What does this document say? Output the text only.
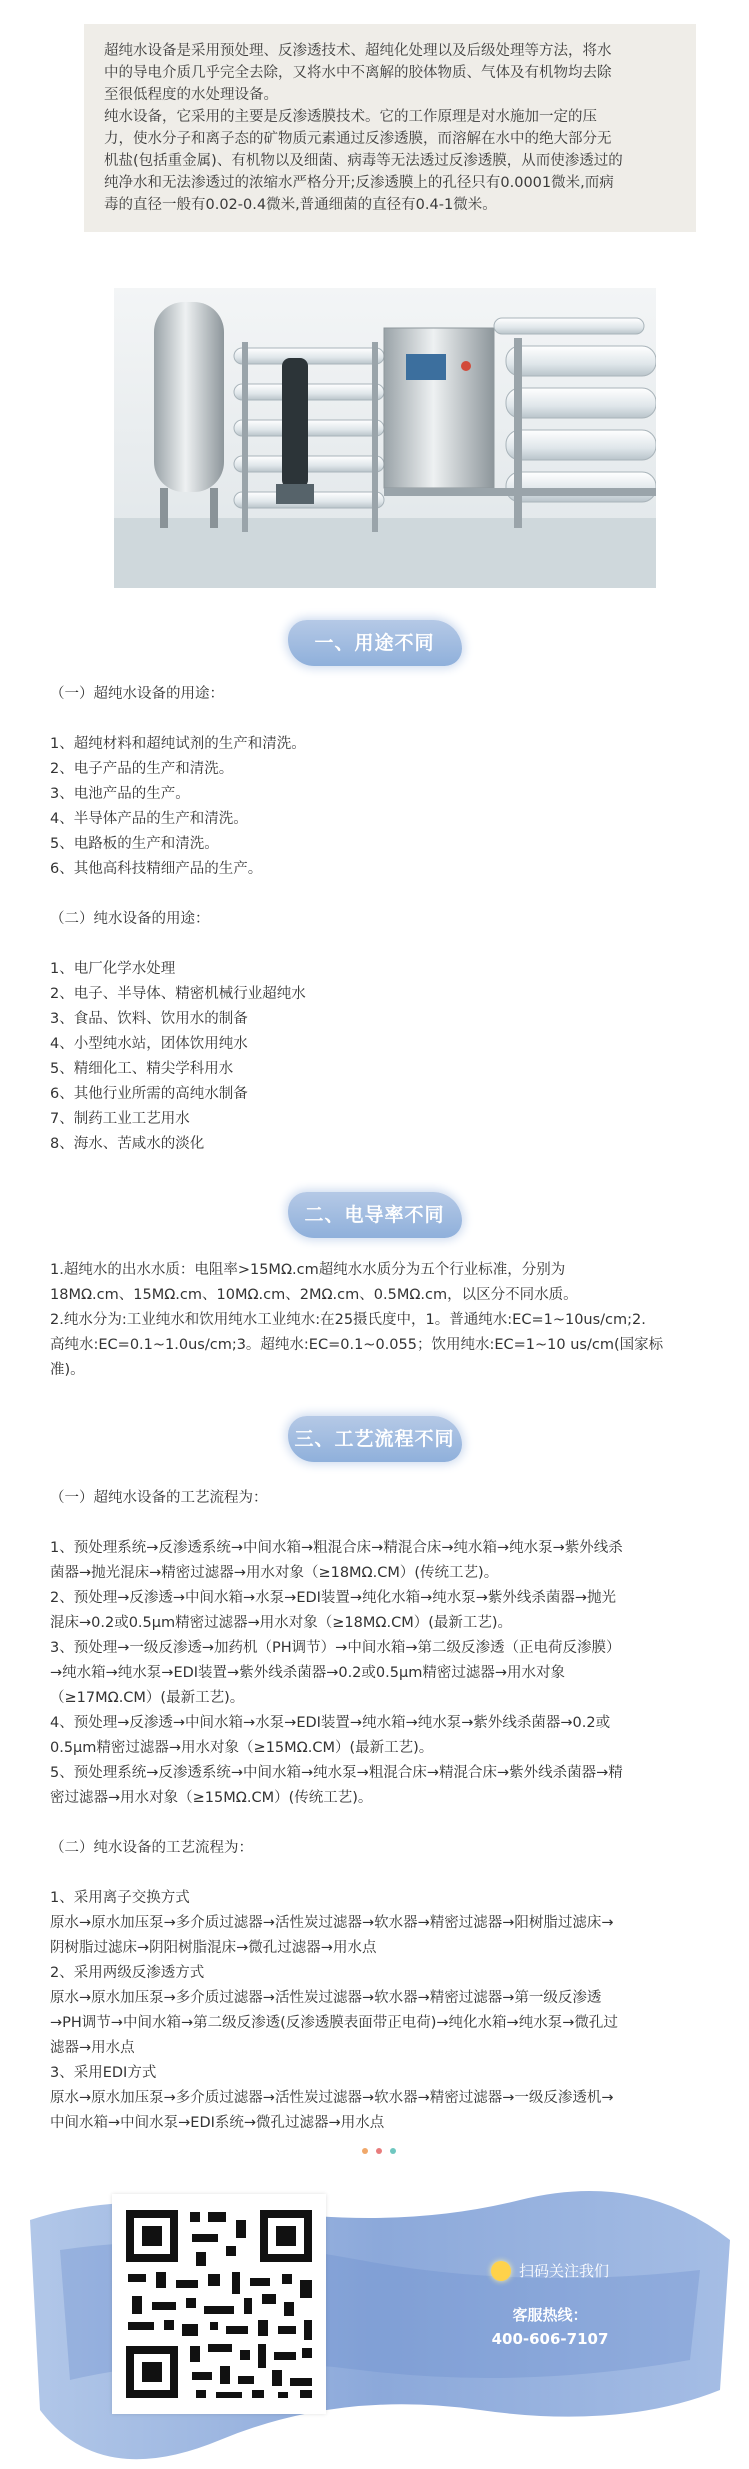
超纯水设备是采用预处理、反渗透技术、超纯化处理以及后级处理等方法，将水

中的导电介质几乎完全去除，又将水中不离解的胶体物质、气体及有机物均去除

至很低程度的水处理设备。

纯水设备，它采用的主要是反渗透膜技术。它的工作原理是对水施加一定的压

力，使水分子和离子态的矿物质元素通过反渗透膜，而溶解在水中的绝大部分无

机盐(包括重金属)、有机物以及细菌、病毒等无法透过反渗透膜，从而使渗透过的

纯净水和无法渗透过的浓缩水严格分开;反渗透膜上的孔径只有0.0001微米,而病

毒的直径一般有0.02-0.4微米,普通细菌的直径有0.4-1微米。

一、用途不同
（一）超纯水设备的用途：
1、超纯材料和超纯试剂的生产和清洗。
2、电子产品的生产和清洗。
3、电池产品的生产。
4、半导体产品的生产和清洗。
5、电路板的生产和清洗。
6、其他高科技精细产品的生产。
（二）纯水设备的用途：
1、电厂化学水处理
2、电子、半导体、精密机械行业超纯水
3、食品、饮料、饮用水的制备
4、小型纯水站，团体饮用纯水
5、精细化工、精尖学科用水
6、其他行业所需的高纯水制备
7、制药工业工艺用水
8、海水、苦咸水的淡化
二、电导率不同
1.超纯水的出水水质：电阻率>15MΩ.cm超纯水水质分为五个行业标准，分别为
18MΩ.cm、15MΩ.cm、10MΩ.cm、2MΩ.cm、0.5MΩ.cm，以区分不同水质。
2.纯水分为:工业纯水和饮用纯水工业纯水:在25摄氏度中，1。普通纯水:EC=1~10us/cm;2.
高纯水:EC=0.1~1.0us/cm;3。超纯水:EC=0.1~0.055；饮用纯水:EC=1~10 us/cm(国家标
准)。
三、工艺流程不同
（一）超纯水设备的工艺流程为：
1、预处理系统→反渗透系统→中间水箱→粗混合床→精混合床→纯水箱→纯水泵→紫外线杀
菌器→抛光混床→精密过滤器→用水对象（≥18MΩ.CM）(传统工艺)。
2、预处理→反渗透→中间水箱→水泵→EDI装置→纯化水箱→纯水泵→紫外线杀菌器→抛光
混床→0.2或0.5μm精密过滤器→用水对象（≥18MΩ.CM）(最新工艺)。
3、预处理→一级反渗透→加药机（PH调节）→中间水箱→第二级反渗透（正电荷反渗膜）
→纯水箱→纯水泵→EDI装置→紫外线杀菌器→0.2或0.5μm精密过滤器→用水对象
（≥17MΩ.CM）(最新工艺)。
4、预处理→反渗透→中间水箱→水泵→EDI装置→纯水箱→纯水泵→紫外线杀菌器→0.2或
0.5μm精密过滤器→用水对象（≥15MΩ.CM）(最新工艺)。
5、预处理系统→反渗透系统→中间水箱→纯水泵→粗混合床→精混合床→紫外线杀菌器→精
密过滤器→用水对象（≥15MΩ.CM）(传统工艺)。
（二）纯水设备的工艺流程为：
1、采用离子交换方式
原水→原水加压泵→多介质过滤器→活性炭过滤器→软水器→精密过滤器→阳树脂过滤床→
阴树脂过滤床→阴阳树脂混床→微孔过滤器→用水点
2、采用两级反渗透方式
原水→原水加压泵→多介质过滤器→活性炭过滤器→软水器→精密过滤器→第一级反渗透
→PH调节→中间水箱→第二级反渗透(反渗透膜表面带正电荷)→纯化水箱→纯水泵→微孔过
滤器→用水点
3、采用EDI方式
原水→原水加压泵→多介质过滤器→活性炭过滤器→软水器→精密过滤器→一级反渗透机→
中间水箱→中间水泵→EDI系统→微孔过滤器→用水点
扫码关注我们
客服热线：
400-606-7107
